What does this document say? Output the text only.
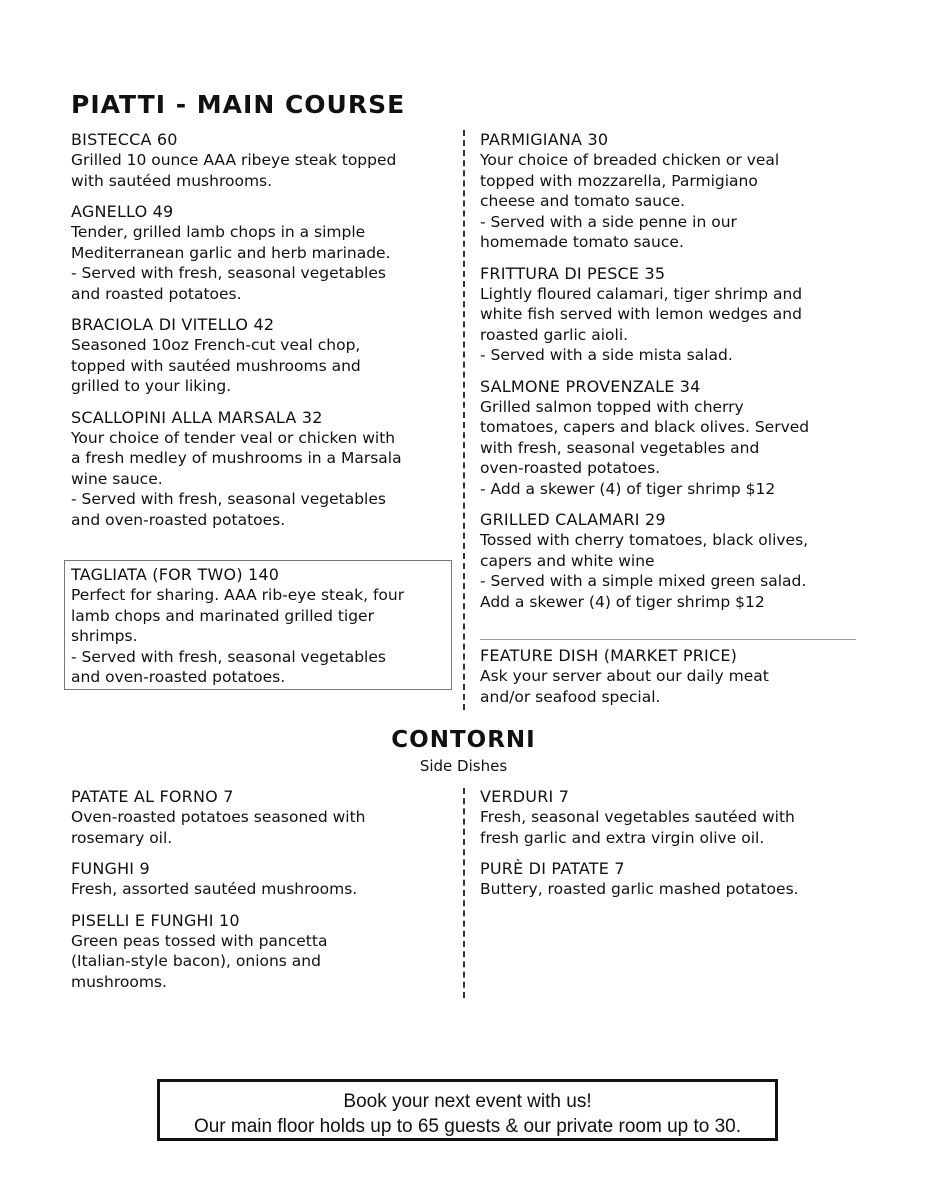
PIATTI - MAIN COURSE
BISTECCA 60
Grilled 10 ounce AAA ribeye steak topped
with sautéed mushrooms.
AGNELLO 49
Tender, grilled lamb chops in a simple
Mediterranean garlic and herb marinade.
- Served with fresh, seasonal vegetables
and roasted potatoes.
BRACIOLA DI VITELLO 42
Seasoned 10oz French-cut veal chop,
topped with sautéed mushrooms and
grilled to your liking.
SCALLOPINI ALLA MARSALA 32
Your choice of tender veal or chicken with
a fresh medley of mushrooms in a Marsala
wine sauce.
- Served with fresh, seasonal vegetables
and oven-roasted potatoes.
PARMIGIANA 30
Your choice of breaded chicken or veal
topped with mozzarella, Parmigiano
cheese and tomato sauce.
- Served with a side penne in our
homemade tomato sauce.
FRITTURA DI PESCE 35
Lightly floured calamari, tiger shrimp and
white fish served with lemon wedges and
roasted garlic aioli.
- Served with a side mista salad.
SALMONE PROVENZALE 34
Grilled salmon topped with cherry
tomatoes, capers and black olives. Served
with fresh, seasonal vegetables and
oven-roasted potatoes.
- Add a skewer (4) of tiger shrimp $12
GRILLED CALAMARI 29
Tossed with cherry tomatoes, black olives,
capers and white wine
- Served with a simple mixed green salad.
Add a skewer (4) of tiger shrimp $12
TAGLIATA (FOR TWO) 140
Perfect for sharing. AAA rib-eye steak, four
lamb chops and marinated grilled tiger
shrimps.
- Served with fresh, seasonal vegetables
and oven-roasted potatoes.
FEATURE DISH (MARKET PRICE)
Ask your server about our daily meat
and/or seafood special.
CONTORNI
Side Dishes
PATATE AL FORNO 7
Oven-roasted potatoes seasoned with
rosemary oil.
FUNGHI 9
Fresh, assorted sautéed mushrooms.
PISELLI E FUNGHI 10
Green peas tossed with pancetta
(Italian-style bacon), onions and
mushrooms.
VERDURI 7
Fresh, seasonal vegetables sautéed with
fresh garlic and extra virgin olive oil.
PURÈ DI PATATE 7
Buttery, roasted garlic mashed potatoes.
Book your next event with us!
Our main floor holds up to 65 guests & our private room up to 30.
